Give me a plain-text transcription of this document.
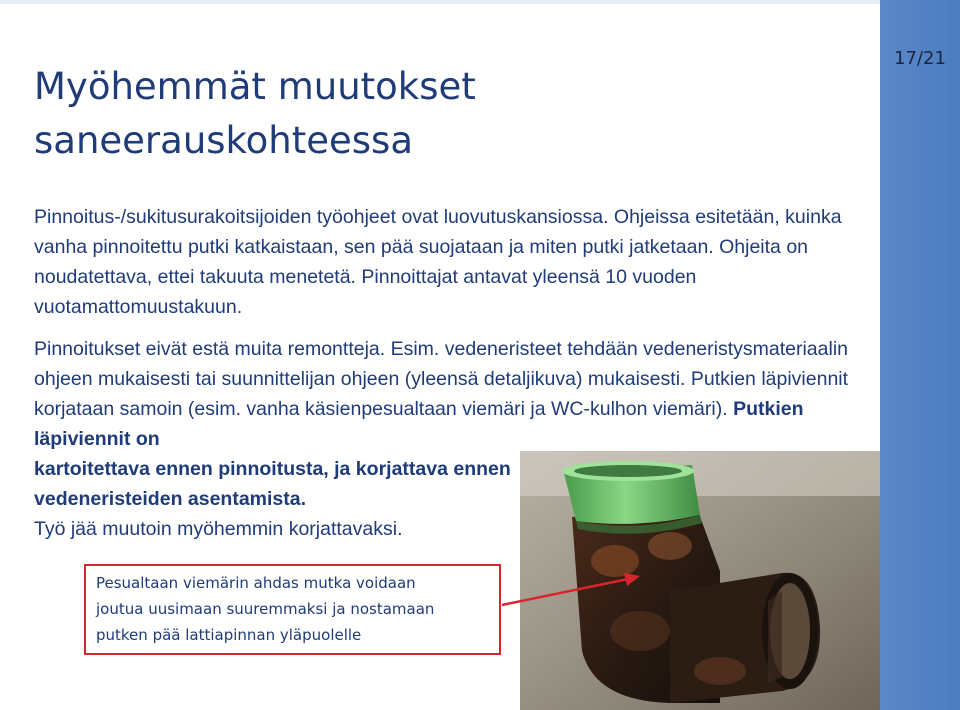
17/21
Myöhemmät muutokset
saneerauskohteessa

Pinnoitus-/sukitusurakoitsijoiden työohjeet ovat luovutuskansiossa. Ohjeissa esitetään, kuinka vanha pinnoitettu putki katkaistaan, sen pää suojataan ja miten putki jatketaan. Ohjeita on noudatettava, ettei takuuta menetetä. Pinnoittajat antavat yleensä 10 vuoden vuotamattomuustakuun.

Pinnoitukset eivät estä muita remontteja. Esim. vedeneristeet tehdään vedeneristysmateriaalin ohjeen mukaisesti tai suunnittelijan ohjeen (yleensä detaljikuva) mukaisesti. Putkien läpiviennit korjataan samoin (esim. vanha käsienpesualtaan viemäri ja WC-kulhon viemäri). Putkien läpiviennit on

kartoitettava ennen pinnoitusta, ja korjattava ennen vedeneristeiden asentamista.
Työ jää muutoin myöhemmin korjattavaksi.

Pesualtaan viemärin ahdas mutka voidaan
joutua uusimaan suuremmaksi ja nostamaan
putken pää lattiapinnan yläpuolelle
